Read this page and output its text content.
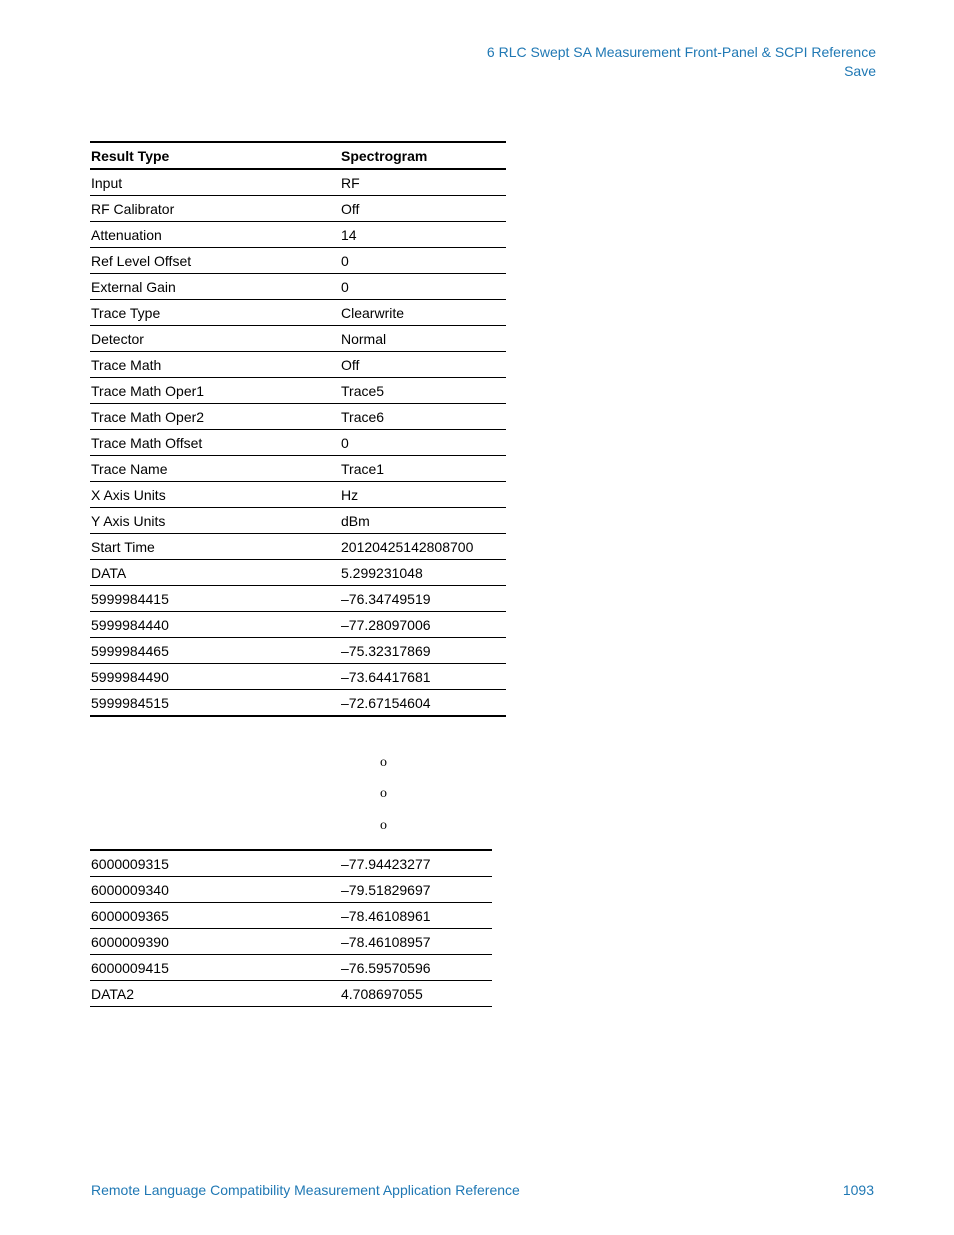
6 RLC Swept SA Measurement Front-Panel & SCPI Reference
Save
Result Type	Spectrogram
Input	RF
RF Calibrator	Off
Attenuation	14
Ref Level Offset	0
External Gain	0
Trace Type	Clearwrite
Detector	Normal
Trace Math	Off
Trace Math Oper1	Trace5
Trace Math Oper2	Trace6
Trace Math Offset	0
Trace Name	Trace1
X Axis Units	Hz
Y Axis Units	dBm
Start Time	20120425142808700
DATA	5.299231048
5999984415	–76.34749519
5999984440	–77.28097006
5999984465	–75.32317869
5999984490	–73.64417681
5999984515	–72.67154604
o
o
o
6000009315	–77.94423277
6000009340	–79.51829697
6000009365	–78.46108961
6000009390	–78.46108957
6000009415	–76.59570596
DATA2	4.708697055
Remote Language Compatibility Measurement Application Reference	1093
